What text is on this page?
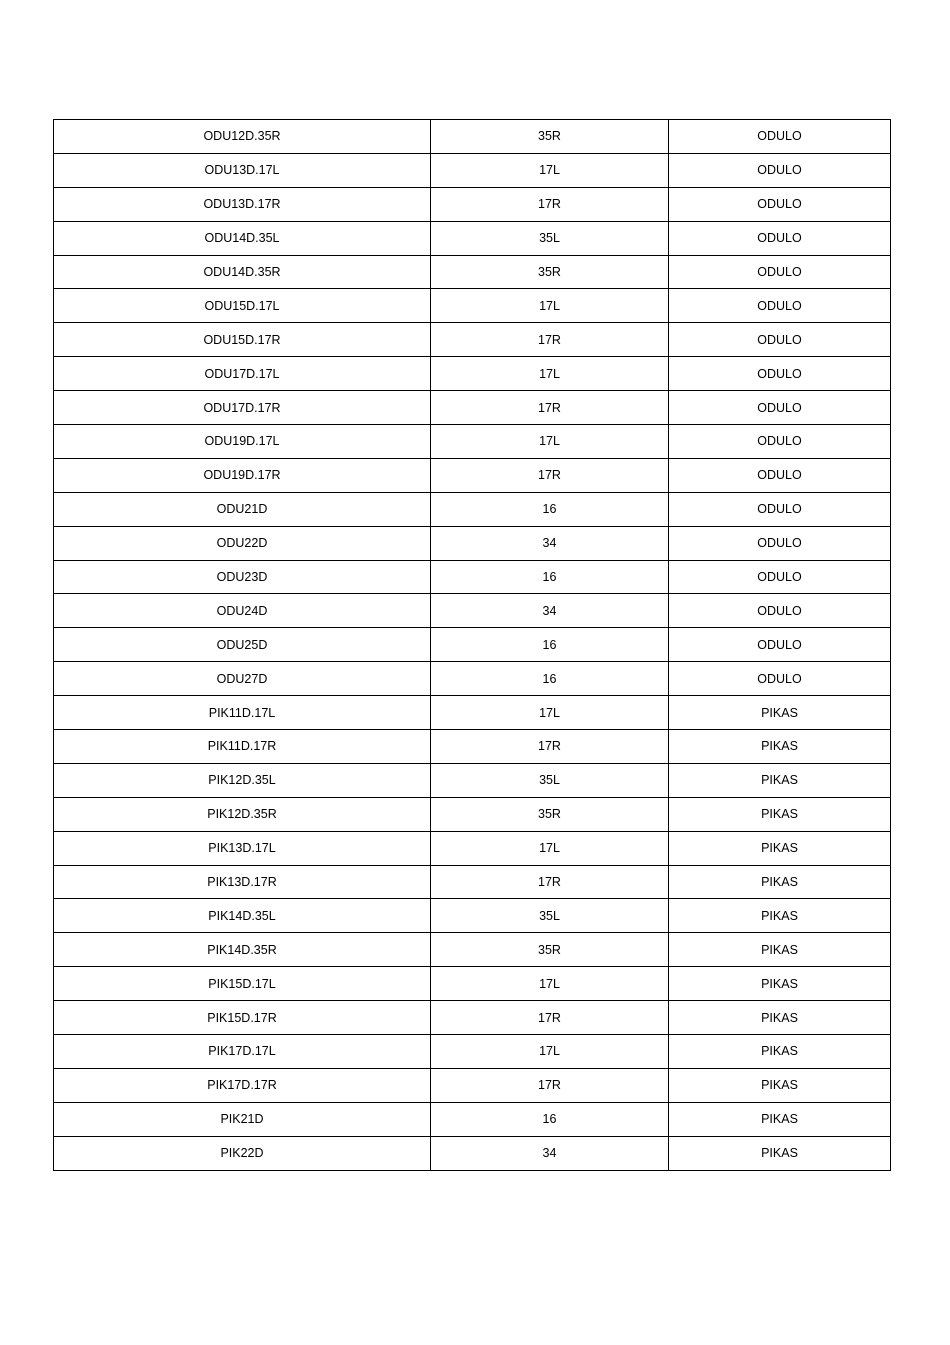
ODU12D.35R	35R	ODULO
ODU13D.17L	17L	ODULO
ODU13D.17R	17R	ODULO
ODU14D.35L	35L	ODULO
ODU14D.35R	35R	ODULO
ODU15D.17L	17L	ODULO
ODU15D.17R	17R	ODULO
ODU17D.17L	17L	ODULO
ODU17D.17R	17R	ODULO
ODU19D.17L	17L	ODULO
ODU19D.17R	17R	ODULO
ODU21D	16	ODULO
ODU22D	34	ODULO
ODU23D	16	ODULO
ODU24D	34	ODULO
ODU25D	16	ODULO
ODU27D	16	ODULO
PIK11D.17L	17L	PIKAS
PIK11D.17R	17R	PIKAS
PIK12D.35L	35L	PIKAS
PIK12D.35R	35R	PIKAS
PIK13D.17L	17L	PIKAS
PIK13D.17R	17R	PIKAS
PIK14D.35L	35L	PIKAS
PIK14D.35R	35R	PIKAS
PIK15D.17L	17L	PIKAS
PIK15D.17R	17R	PIKAS
PIK17D.17L	17L	PIKAS
PIK17D.17R	17R	PIKAS
PIK21D	16	PIKAS
PIK22D	34	PIKAS
